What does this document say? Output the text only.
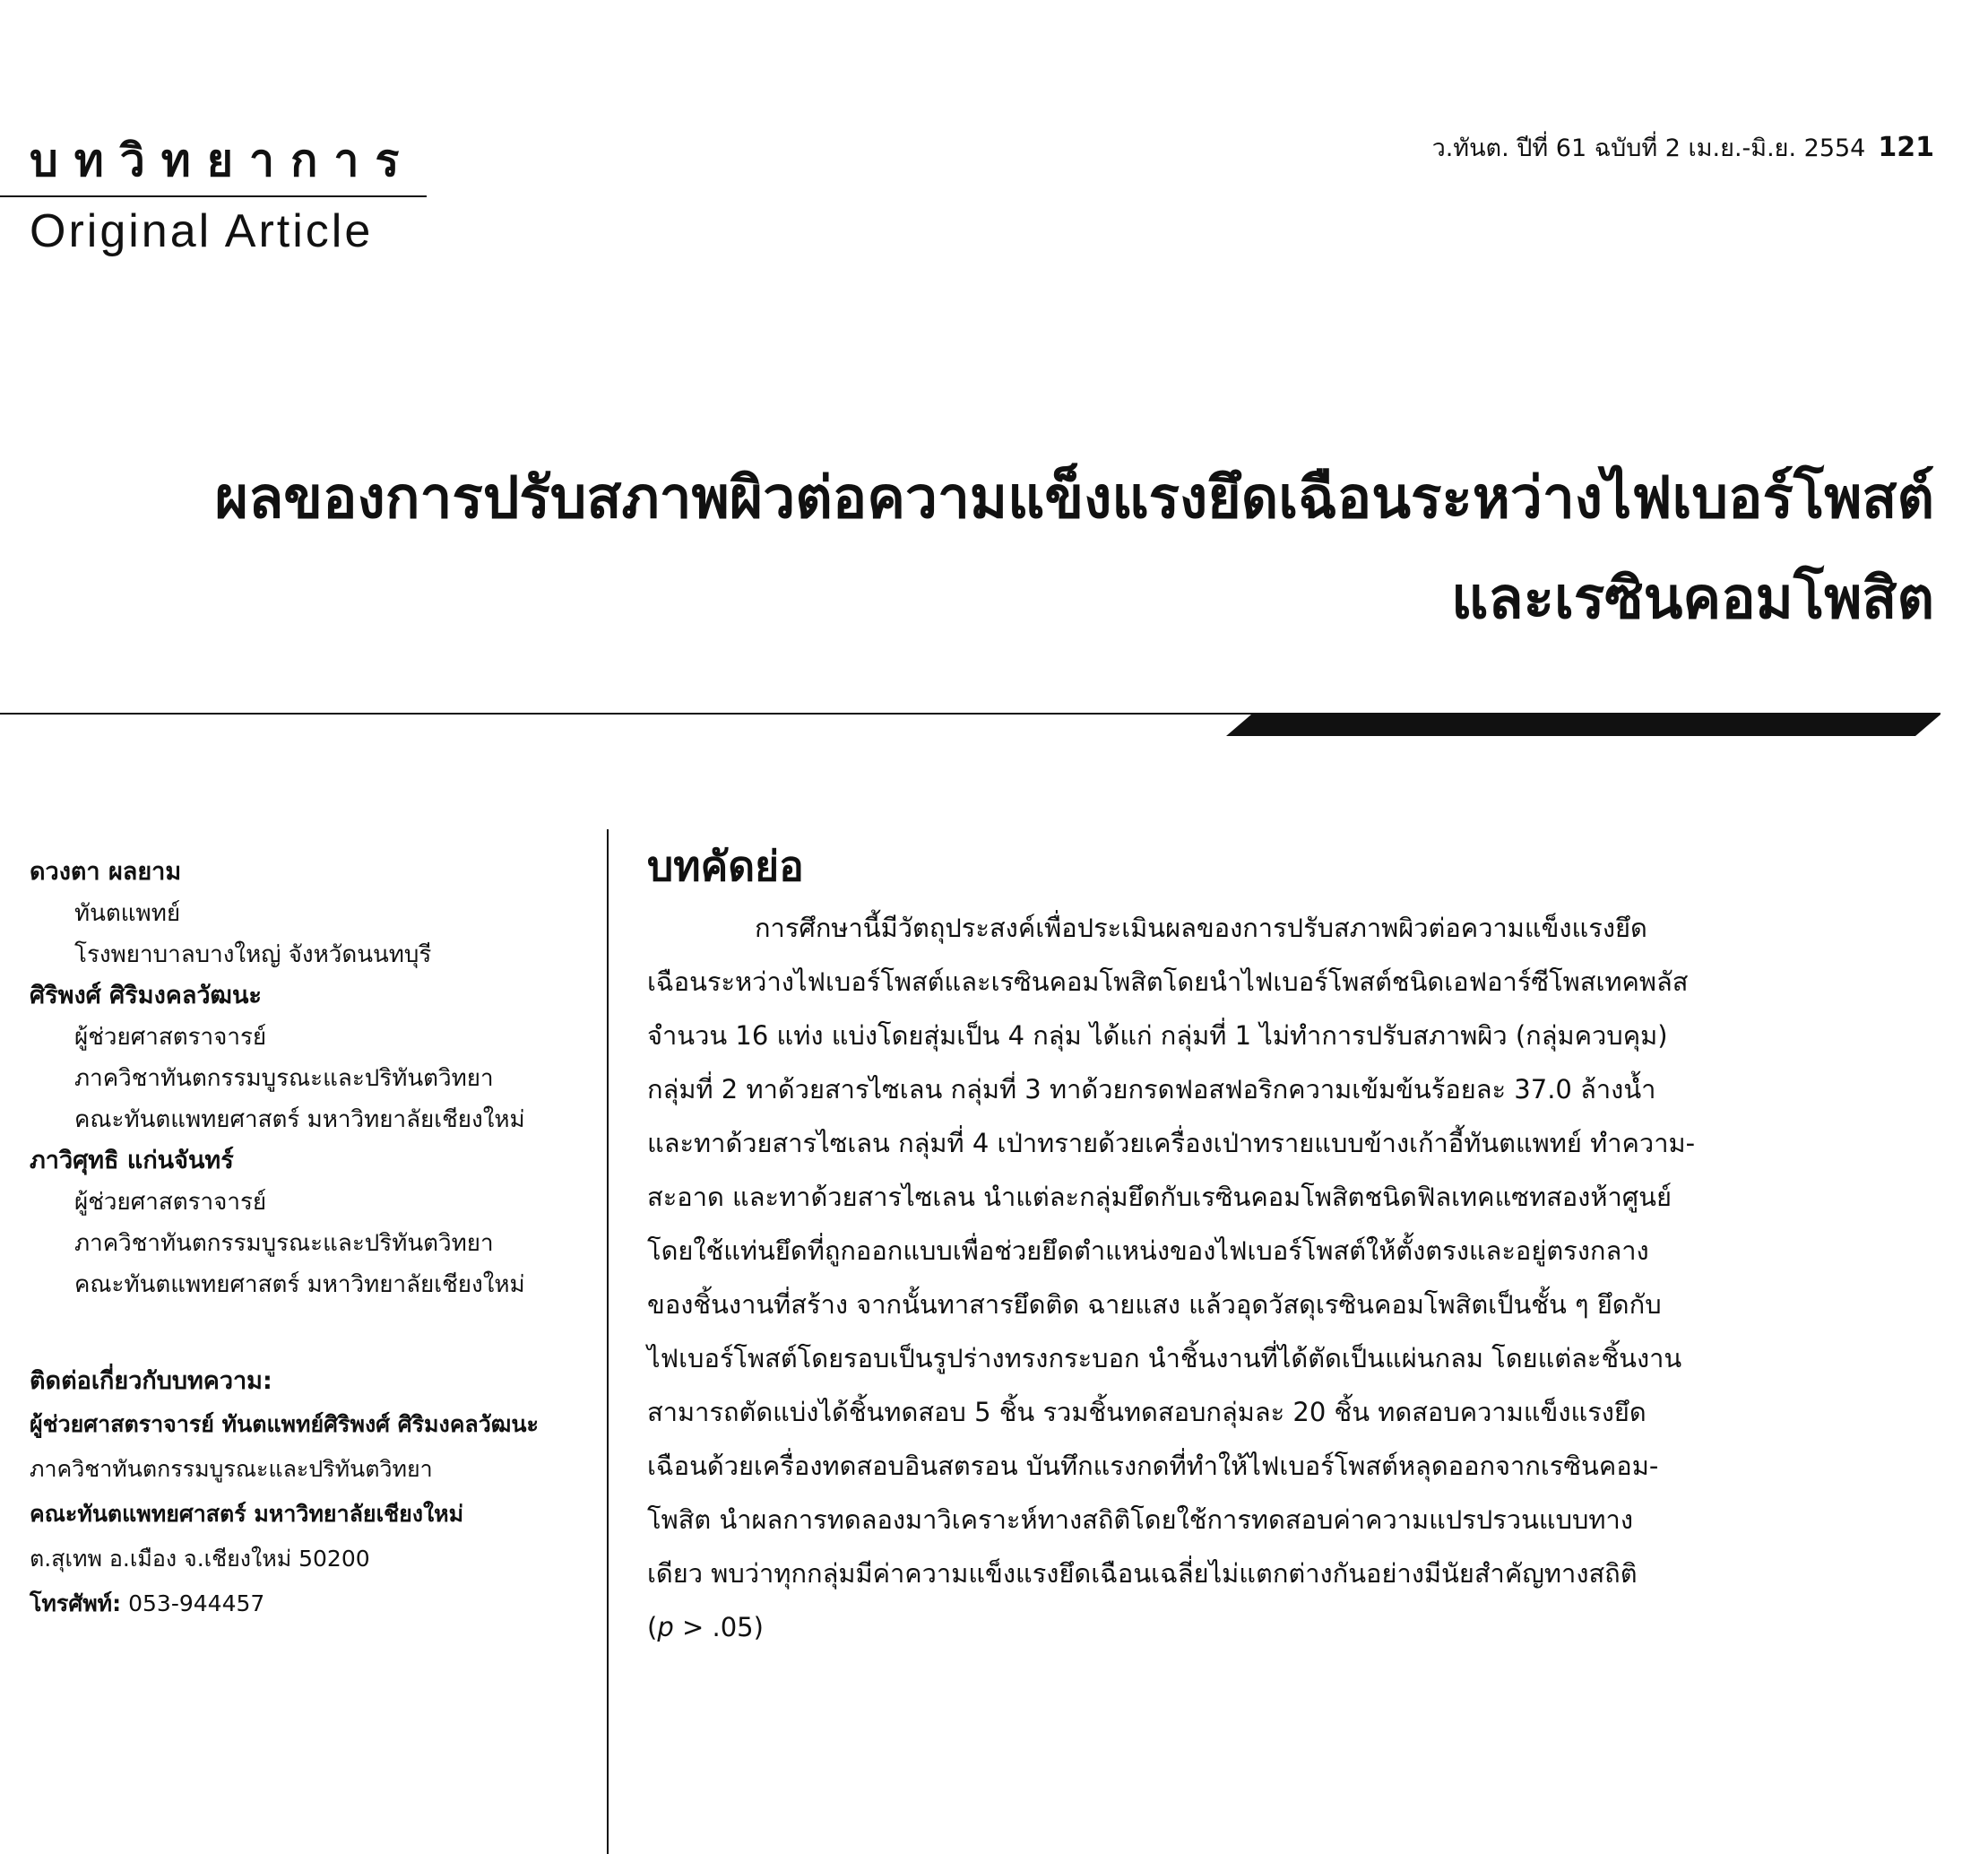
บทวิทยาการ
Original Article
ว.ทันต. ปีที่ 61 ฉบับที่ 2 เม.ย.-มิ.ย. 2554 121
ผลของการปรับสภาพผิวต่อความแข็งแรงยึดเฉือนระหว่างไฟเบอร์โพสต์
และเรซินคอมโพสิต
ดวงตา ผลยาม
ทันตแพทย์
โรงพยาบาลบางใหญ่ จังหวัดนนทบุรี
ศิริพงศ์ ศิริมงคลวัฒนะ
ผู้ช่วยศาสตราจารย์
ภาควิชาทันตกรรมบูรณะและปริทันตวิทยา
คณะทันตแพทยศาสตร์ มหาวิทยาลัยเชียงใหม่
ภาวิศุทธิ แก่นจันทร์
ผู้ช่วยศาสตราจารย์
ภาควิชาทันตกรรมบูรณะและปริทันตวิทยา
คณะทันตแพทยศาสตร์ มหาวิทยาลัยเชียงใหม่
ติดต่อเกี่ยวกับบทความ:
ผู้ช่วยศาสตราจารย์ ทันตแพทย์ศิริพงศ์ ศิริมงคลวัฒนะ
ภาควิชาทันตกรรมบูรณะและปริทันตวิทยา
คณะทันตแพทยศาสตร์ มหาวิทยาลัยเชียงใหม่
ต.สุเทพ อ.เมือง จ.เชียงใหม่ 50200
โทรศัพท์: 053-944457
บทคัดย่อ
การศึกษานี้มีวัตถุประสงค์เพื่อประเมินผลของการปรับสภาพผิวต่อความแข็งแรงยึด
เฉือนระหว่างไฟเบอร์โพสต์และเรซินคอมโพสิตโดยนำไฟเบอร์โพสต์ชนิดเอฟอาร์ซีโพสเทคพลัส
จำนวน 16 แท่ง แบ่งโดยสุ่มเป็น 4 กลุ่ม ได้แก่ กลุ่มที่ 1 ไม่ทำการปรับสภาพผิว (กลุ่มควบคุม)
กลุ่มที่ 2 ทาด้วยสารไซเลน กลุ่มที่ 3 ทาด้วยกรดฟอสฟอริกความเข้มข้นร้อยละ 37.0 ล้างน้ำ
และทาด้วยสารไซเลน กลุ่มที่ 4 เป่าทรายด้วยเครื่องเป่าทรายแบบข้างเก้าอี้ทันตแพทย์ ทำความ-
สะอาด และทาด้วยสารไซเลน นำแต่ละกลุ่มยึดกับเรซินคอมโพสิตชนิดฟิลเทคแซทสองห้าศูนย์
โดยใช้แท่นยึดที่ถูกออกแบบเพื่อช่วยยึดตำแหน่งของไฟเบอร์โพสต์ให้ตั้งตรงและอยู่ตรงกลาง
ของชิ้นงานที่สร้าง จากนั้นทาสารยึดติด ฉายแสง แล้วอุดวัสดุเรซินคอมโพสิตเป็นชั้น ๆ ยึดกับ
ไฟเบอร์โพสต์โดยรอบเป็นรูปร่างทรงกระบอก นำชิ้นงานที่ได้ตัดเป็นแผ่นกลม โดยแต่ละชิ้นงาน
สามารถตัดแบ่งได้ชิ้นทดสอบ 5 ชิ้น รวมชิ้นทดสอบกลุ่มละ 20 ชิ้น ทดสอบความแข็งแรงยึด
เฉือนด้วยเครื่องทดสอบอินสตรอน บันทึกแรงกดที่ทำให้ไฟเบอร์โพสต์หลุดออกจากเรซินคอม-
โพสิต นำผลการทดลองมาวิเคราะห์ทางสถิติโดยใช้การทดสอบค่าความแปรปรวนแบบทาง
เดียว พบว่าทุกกลุ่มมีค่าความแข็งแรงยึดเฉือนเฉลี่ยไม่แตกต่างกันอย่างมีนัยสำคัญทางสถิติ
(p > .05)
